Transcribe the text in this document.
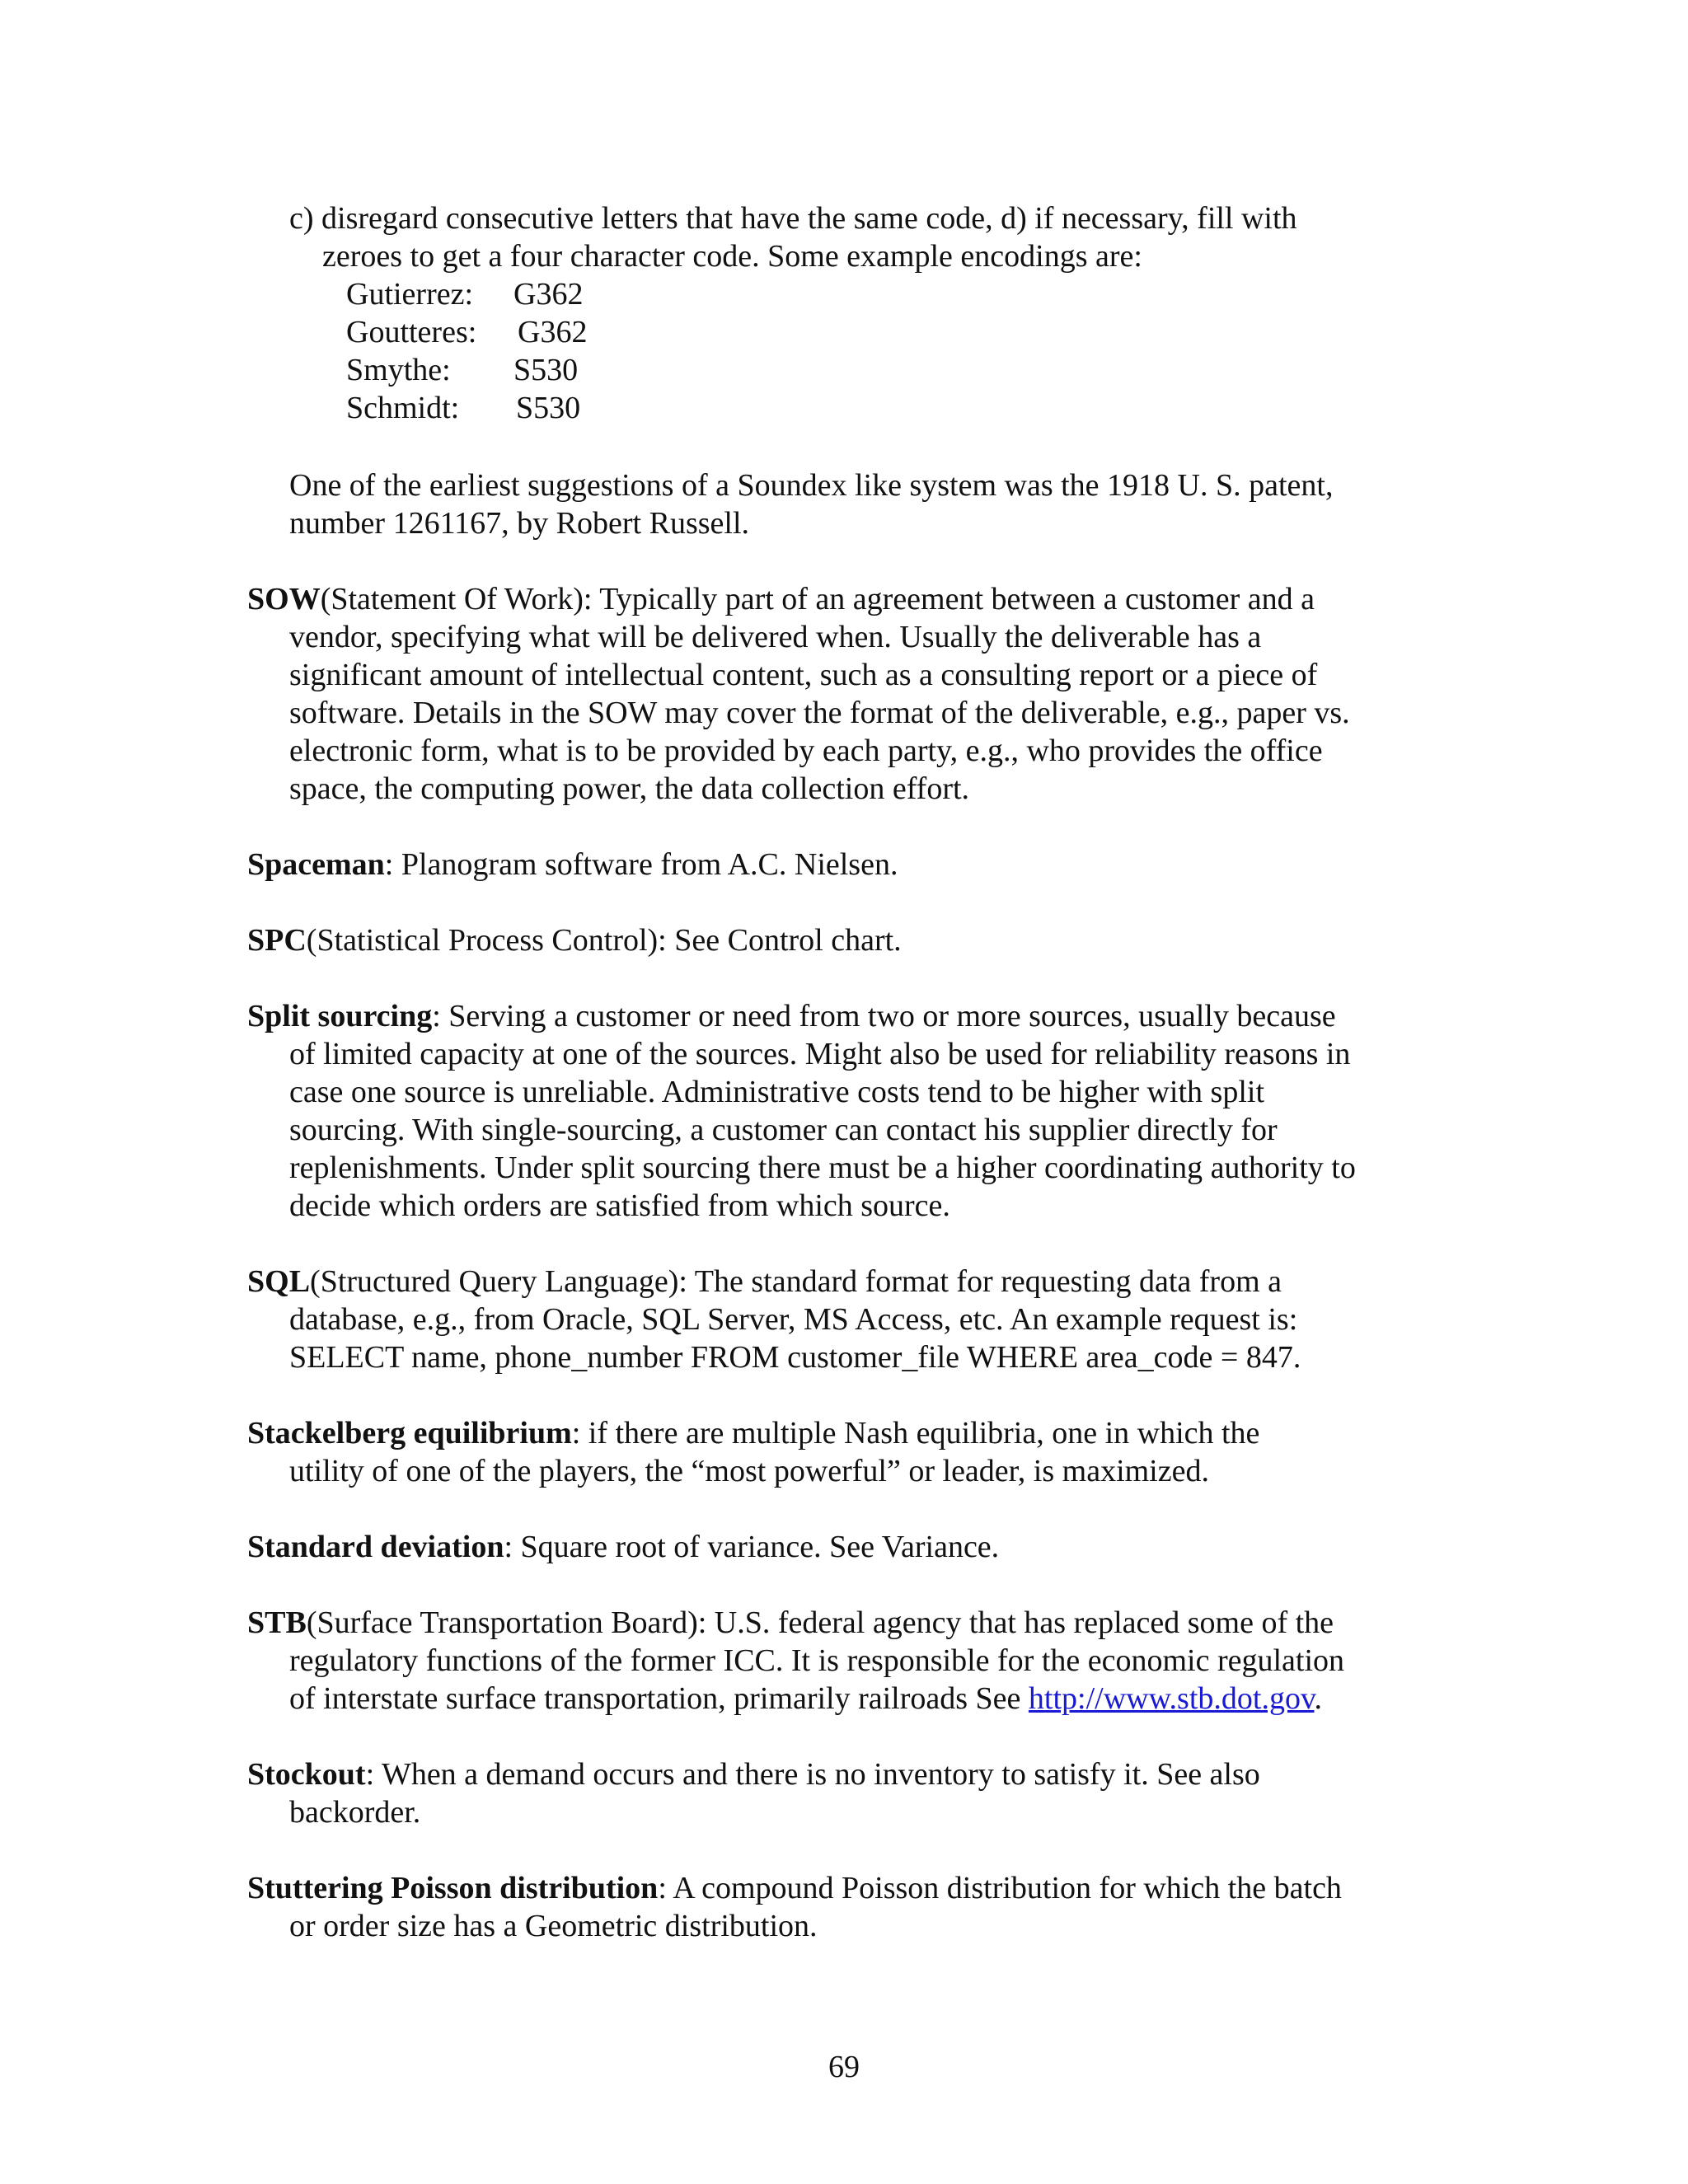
c) disregard consecutive letters that have the same code, d) if necessary, fill with
zeroes to get a four character code. Some example encodings are:
Gutierrez: G362
Goutteres: G362
Smythe: S530
Schmidt: S530
One of the earliest suggestions of a Soundex like system was the 1918 U. S. patent,
number 1261167, by Robert Russell.
SOW(Statement Of Work): Typically part of an agreement between a customer and a
vendor, specifying what will be delivered when. Usually the deliverable has a
significant amount of intellectual content, such as a consulting report or a piece of
software. Details in the SOW may cover the format of the deliverable, e.g., paper vs.
electronic form, what is to be provided by each party, e.g., who provides the office
space, the computing power, the data collection effort.
Spaceman: Planogram software from A.C. Nielsen.
SPC(Statistical Process Control): See Control chart.
Split sourcing: Serving a customer or need from two or more sources, usually because
of limited capacity at one of the sources. Might also be used for reliability reasons in
case one source is unreliable. Administrative costs tend to be higher with split
sourcing. With single-sourcing, a customer can contact his supplier directly for
replenishments. Under split sourcing there must be a higher coordinating authority to
decide which orders are satisfied from which source.
SQL(Structured Query Language): The standard format for requesting data from a
database, e.g., from Oracle, SQL Server, MS Access, etc. An example request is:
SELECT name, phone_number FROM customer_file WHERE area_code = 847.
Stackelberg equilibrium: if there are multiple Nash equilibria, one in which the
utility of one of the players, the “most powerful” or leader, is maximized.
Standard deviation: Square root of variance. See Variance.
STB(Surface Transportation Board): U.S. federal agency that has replaced some of the
regulatory functions of the former ICC. It is responsible for the economic regulation
of interstate surface transportation, primarily railroads See http://www.stb.dot.gov.
Stockout: When a demand occurs and there is no inventory to satisfy it. See also
backorder.
Stuttering Poisson distribution: A compound Poisson distribution for which the batch
or order size has a Geometric distribution.
69
